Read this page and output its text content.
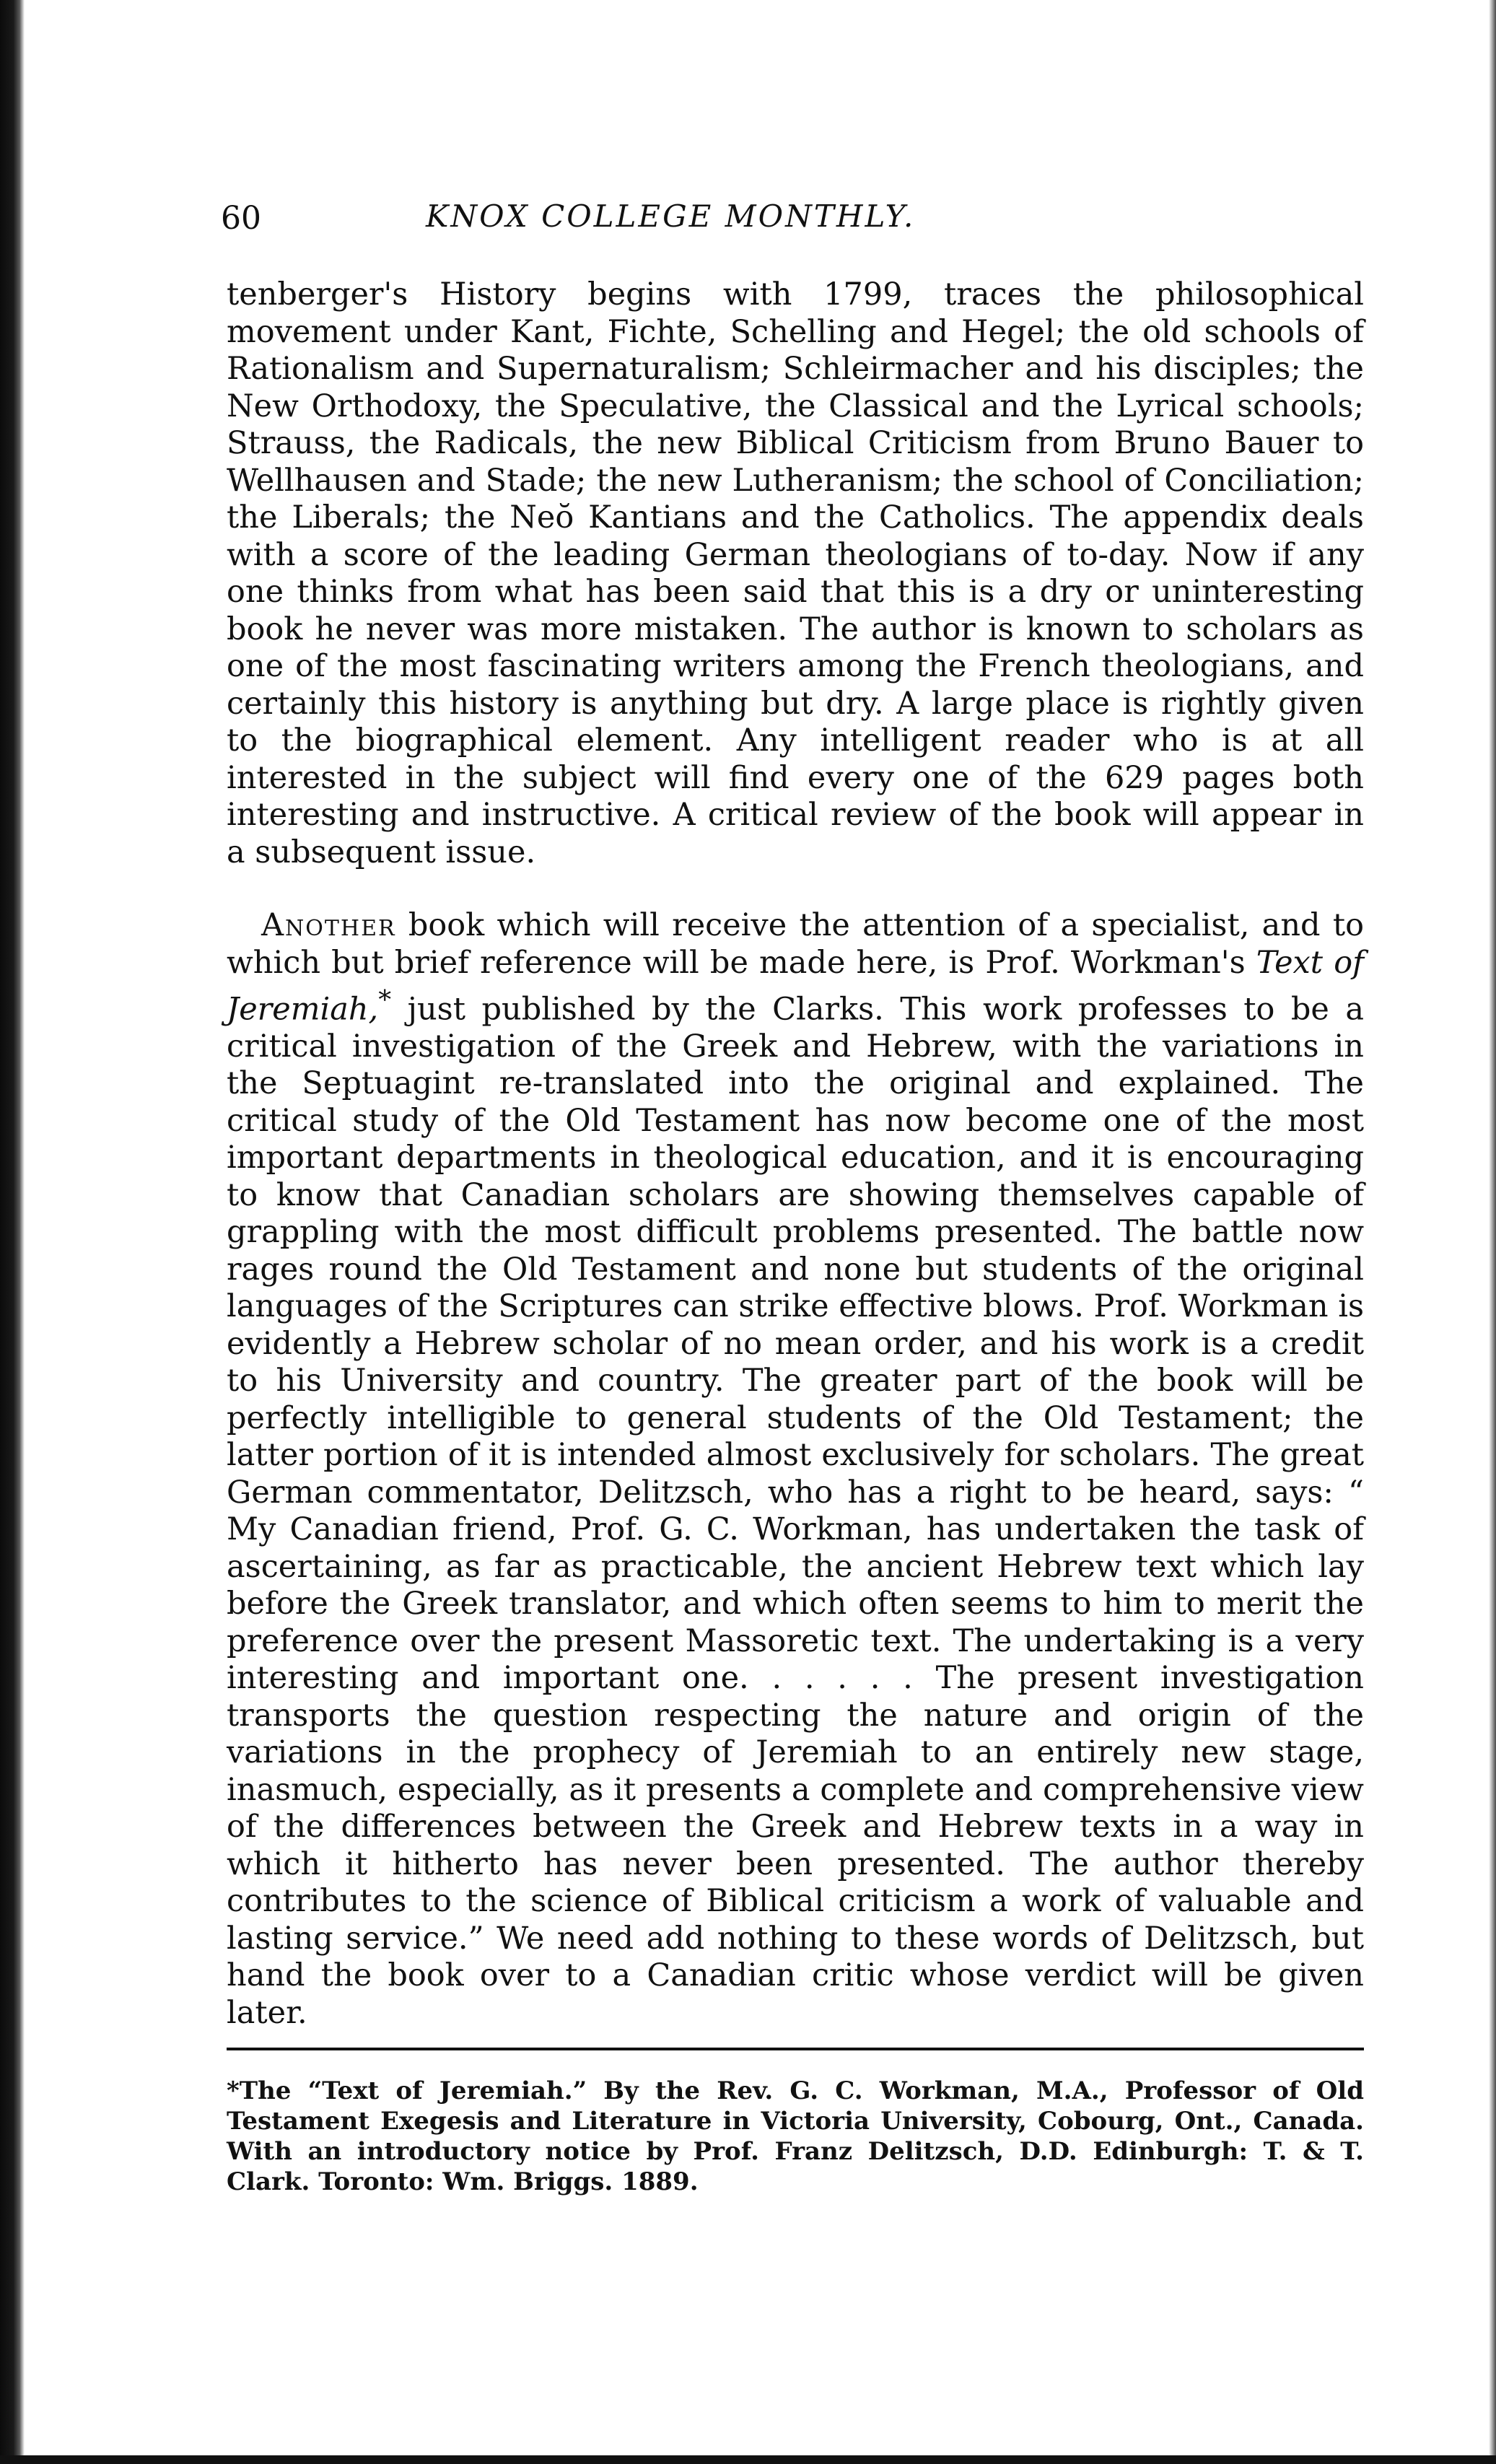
60	KNOX COLLEGE MONTHLY.

tenberger's History begins with 1799, traces the philosophical movement under Kant, Fichte, Schelling and Hegel; the old schools of Rationalism and Supernaturalism; Schleirmacher and his disciples; the New Orthodoxy, the Speculative, the Classical and the Lyrical schools; Strauss, the Radicals, the new Biblical Criticism from Bruno Bauer to Wellhausen and Stade; the new Lutheranism; the school of Conciliation; the Liberals; the Neŏ Kantians and the Catholics. The appendix deals with a score of the leading German theologians of to-day. Now if any one thinks from what has been said that this is a dry or uninteresting book he never was more mistaken. The author is known to scholars as one of the most fascinating writers among the French theologians, and certainly this history is anything but dry. A large place is rightly given to the biographical element. Any intelligent reader who is at all interested in the subject will find every one of the 629 pages both interesting and instructive. A critical review of the book will appear in a subsequent issue.

Another book which will receive the attention of a specialist, and to which but brief reference will be made here, is Prof. Workman's Text of Jeremiah,* just published by the Clarks. This work professes to be a critical investigation of the Greek and Hebrew, with the variations in the Septuagint re-translated into the original and explained. The critical study of the Old Testament has now become one of the most important departments in theological education, and it is encouraging to know that Canadian scholars are showing themselves capable of grappling with the most difficult problems presented. The battle now rages round the Old Testament and none but students of the original languages of the Scriptures can strike effective blows. Prof. Workman is evidently a Hebrew scholar of no mean order, and his work is a credit to his University and country. The greater part of the book will be perfectly intelligible to general students of the Old Testament; the latter portion of it is intended almost exclusively for scholars. The great German commentator, Delitzsch, who has a right to be heard, says: “ My Canadian friend, Prof. G. C. Workman, has undertaken the task of ascertaining, as far as practicable, the ancient Hebrew text which lay before the Greek translator, and which often seems to him to merit the preference over the present Massoretic text. The undertaking is a very interesting and important one. . . . . . The present investigation transports the question respecting the nature and origin of the variations in the prophecy of Jeremiah to an entirely new stage, inasmuch, especially, as it presents a complete and comprehensive view of the differences between the Greek and Hebrew texts in a way in which it hitherto has never been presented. The author thereby contributes to the science of Biblical criticism a work of valuable and lasting service.” We need add nothing to these words of Delitzsch, but hand the book over to a Canadian critic whose verdict will be given later.

*The “Text of Jeremiah.” By the Rev. G. C. Workman, M.A., Professor of Old Testament Exegesis and Literature in Victoria University, Cobourg, Ont., Canada. With an introductory notice by Prof. Franz Delitzsch, D.D. Edinburgh: T. & T. Clark. Toronto: Wm. Briggs. 1889.
